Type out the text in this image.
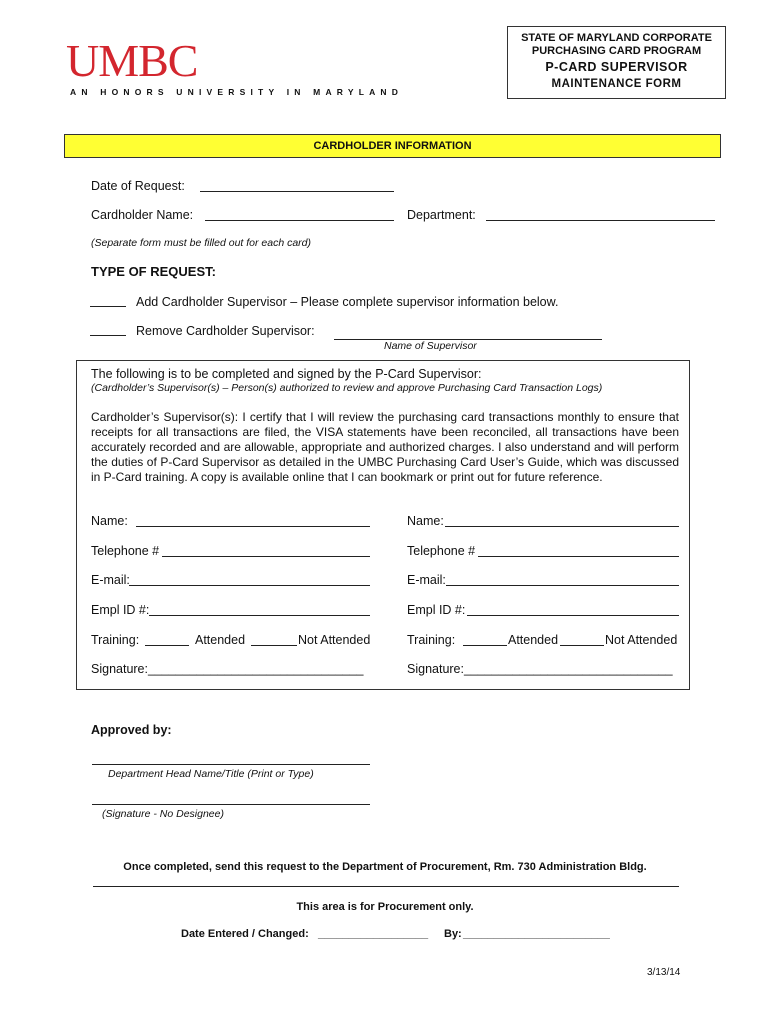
UMBC
AN HONORS UNIVERSITY IN MARYLAND
STATE OF MARYLAND CORPORATE
PURCHASING CARD PROGRAM
P-CARD SUPERVISOR
MAINTENANCE FORM
CARDHOLDER INFORMATION
Date of Request:
Cardholder Name:	Department:
(Separate form must be filled out for each card)
TYPE OF REQUEST:
Add Cardholder Supervisor – Please complete supervisor information below.
Remove Cardholder Supervisor:
Name of Supervisor
The following is to be completed and signed by the P-Card Supervisor:
(Cardholder’s Supervisor(s) – Person(s) authorized to review and approve Purchasing Card Transaction Logs)
Cardholder’s Supervisor(s): I certify that I will review the purchasing card transactions monthly to ensure that receipts for all transactions are filed, the VISA statements have been reconciled, all transactions have been accurately recorded and are allowable, appropriate and authorized charges. I also understand and will perform the duties of P-Card Supervisor as detailed in the UMBC Purchasing Card User’s Guide, which was discussed in P-Card training. A copy is available online that I can bookmark or print out for future reference.
Name:
Telephone #
E-mail:
Empl ID #:
Training:	Attended	Not Attended
Signature: _______________________________
Name:
Telephone #
E-mail:
Empl ID #:
Training:	Attended	Not Attended
Signature: ______________________________
Approved by:
Department Head Name/Title (Print or Type)
(Signature - No Designee)
Once completed, send this request to the Department of Procurement, Rm. 730 Administration Bldg.
This area is for Procurement only.
Date Entered / Changed: __________________ By: ________________________
3/13/14
